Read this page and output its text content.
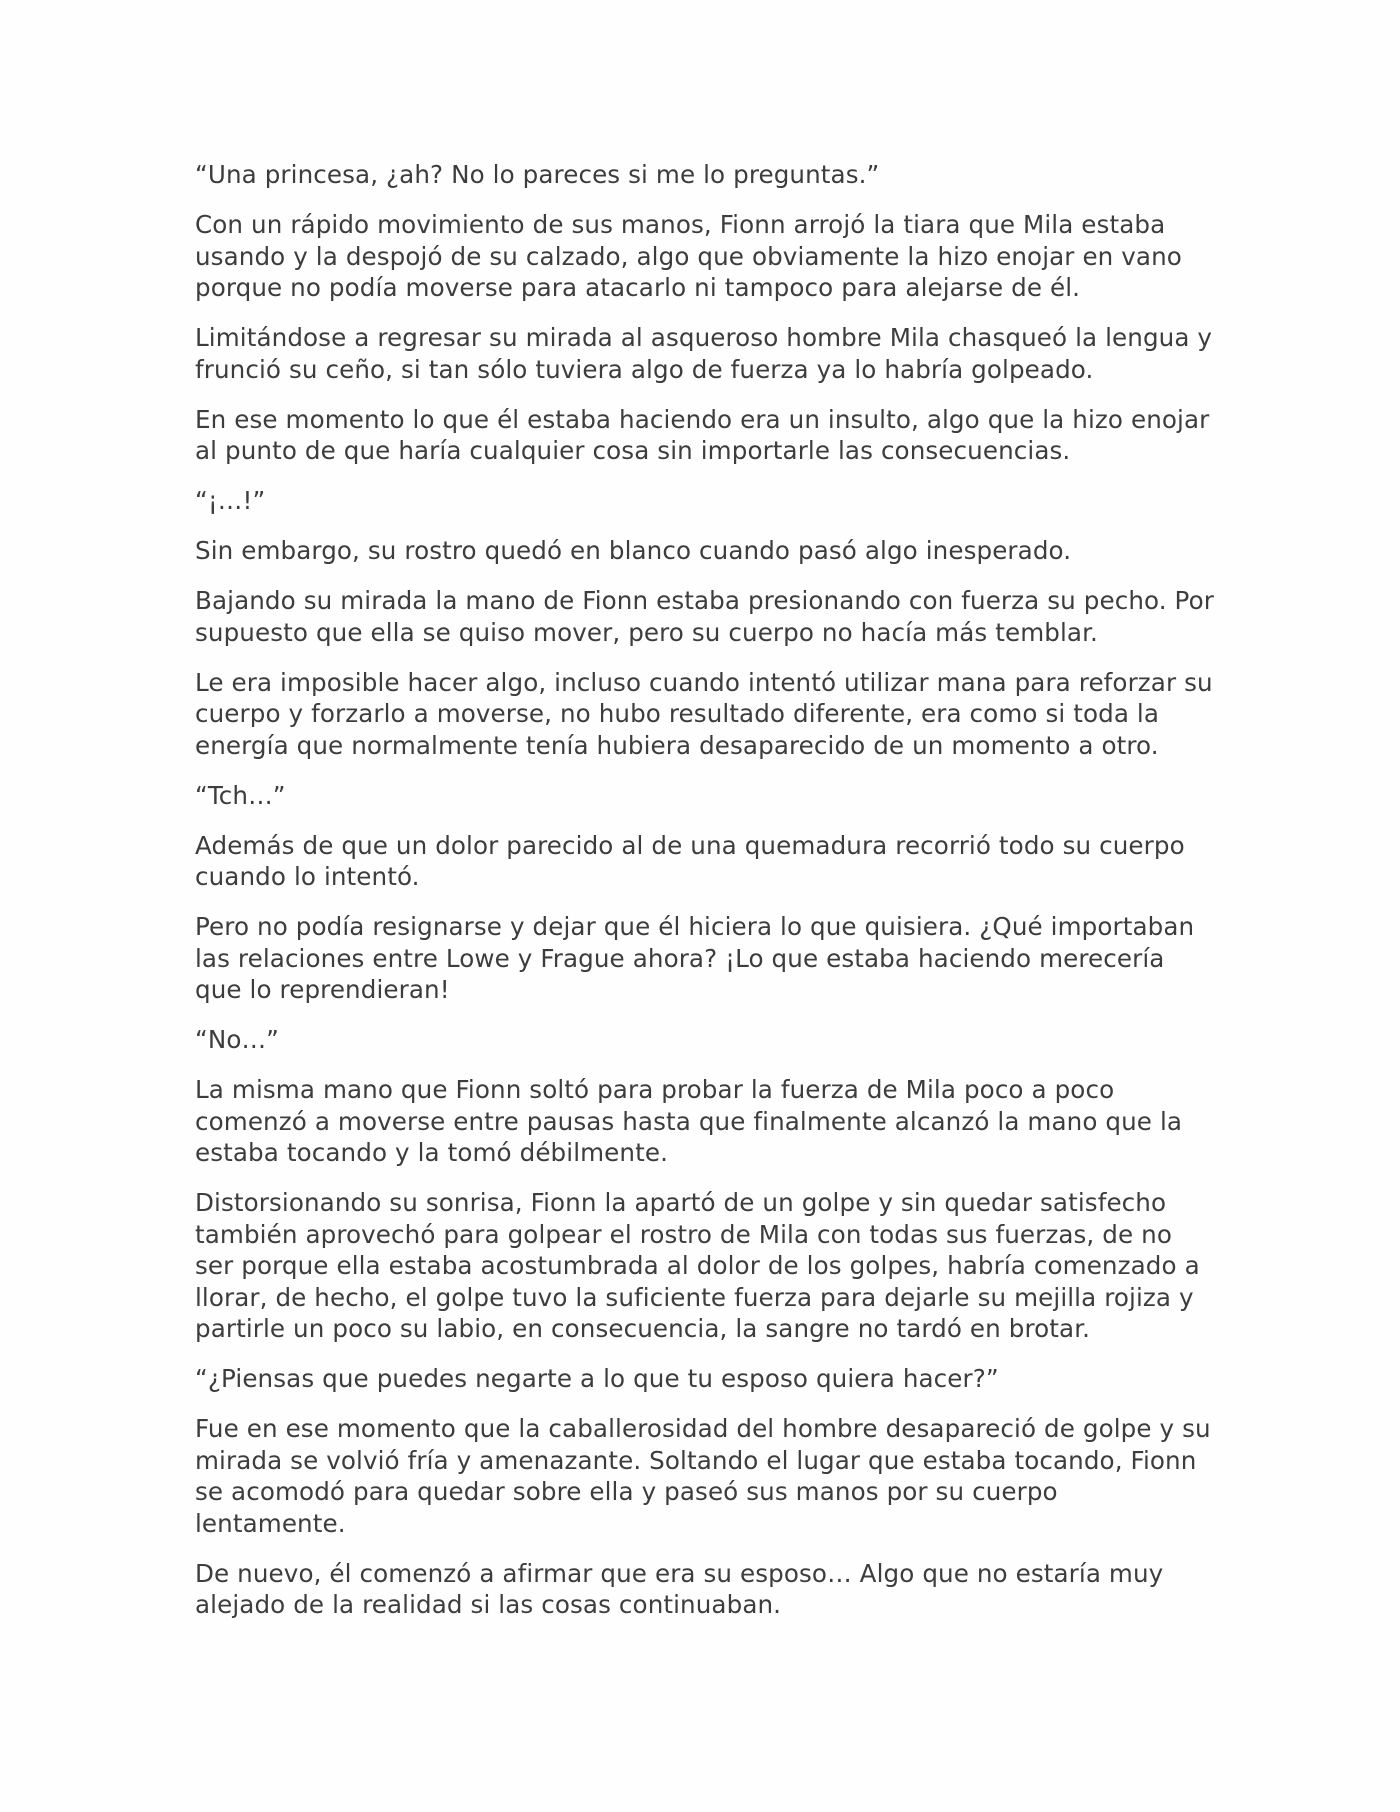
“Una princesa, ¿ah? No lo pareces si me lo preguntas.”

Con un rápido movimiento de sus manos, Fionn arrojó la tiara que Mila estaba usando y la despojó de su calzado, algo que obviamente la hizo enojar en vano porque no podía moverse para atacarlo ni tampoco para alejarse de él.

Limitándose a regresar su mirada al asqueroso hombre Mila chasqueó la lengua y frunció su ceño, si tan sólo tuviera algo de fuerza ya lo habría golpeado.

En ese momento lo que él estaba haciendo era un insulto, algo que la hizo enojar al punto de que haría cualquier cosa sin importarle las consecuencias.

“¡…!”

Sin embargo, su rostro quedó en blanco cuando pasó algo inesperado.

Bajando su mirada la mano de Fionn estaba presionando con fuerza su pecho. Por supuesto que ella se quiso mover, pero su cuerpo no hacía más temblar.

Le era imposible hacer algo, incluso cuando intentó utilizar mana para reforzar su cuerpo y forzarlo a moverse, no hubo resultado diferente, era como si toda la energía que normalmente tenía hubiera desaparecido de un momento a otro.

“Tch…”

Además de que un dolor parecido al de una quemadura recorrió todo su cuerpo cuando lo intentó.

Pero no podía resignarse y dejar que él hiciera lo que quisiera. ¿Qué importaban las relaciones entre Lowe y Frague ahora? ¡Lo que estaba haciendo merecería que lo reprendieran!

“No…”

La misma mano que Fionn soltó para probar la fuerza de Mila poco a poco comenzó a moverse entre pausas hasta que finalmente alcanzó la mano que la estaba tocando y la tomó débilmente.

Distorsionando su sonrisa, Fionn la apartó de un golpe y sin quedar satisfecho también aprovechó para golpear el rostro de Mila con todas sus fuerzas, de no ser porque ella estaba acostumbrada al dolor de los golpes, habría comenzado a llorar, de hecho, el golpe tuvo la suficiente fuerza para dejarle su mejilla rojiza y partirle un poco su labio, en consecuencia, la sangre no tardó en brotar.

“¿Piensas que puedes negarte a lo que tu esposo quiera hacer?”

Fue en ese momento que la caballerosidad del hombre desapareció de golpe y su mirada se volvió fría y amenazante. Soltando el lugar que estaba tocando, Fionn se acomodó para quedar sobre ella y paseó sus manos por su cuerpo lentamente.

De nuevo, él comenzó a afirmar que era su esposo… Algo que no estaría muy alejado de la realidad si las cosas continuaban.
